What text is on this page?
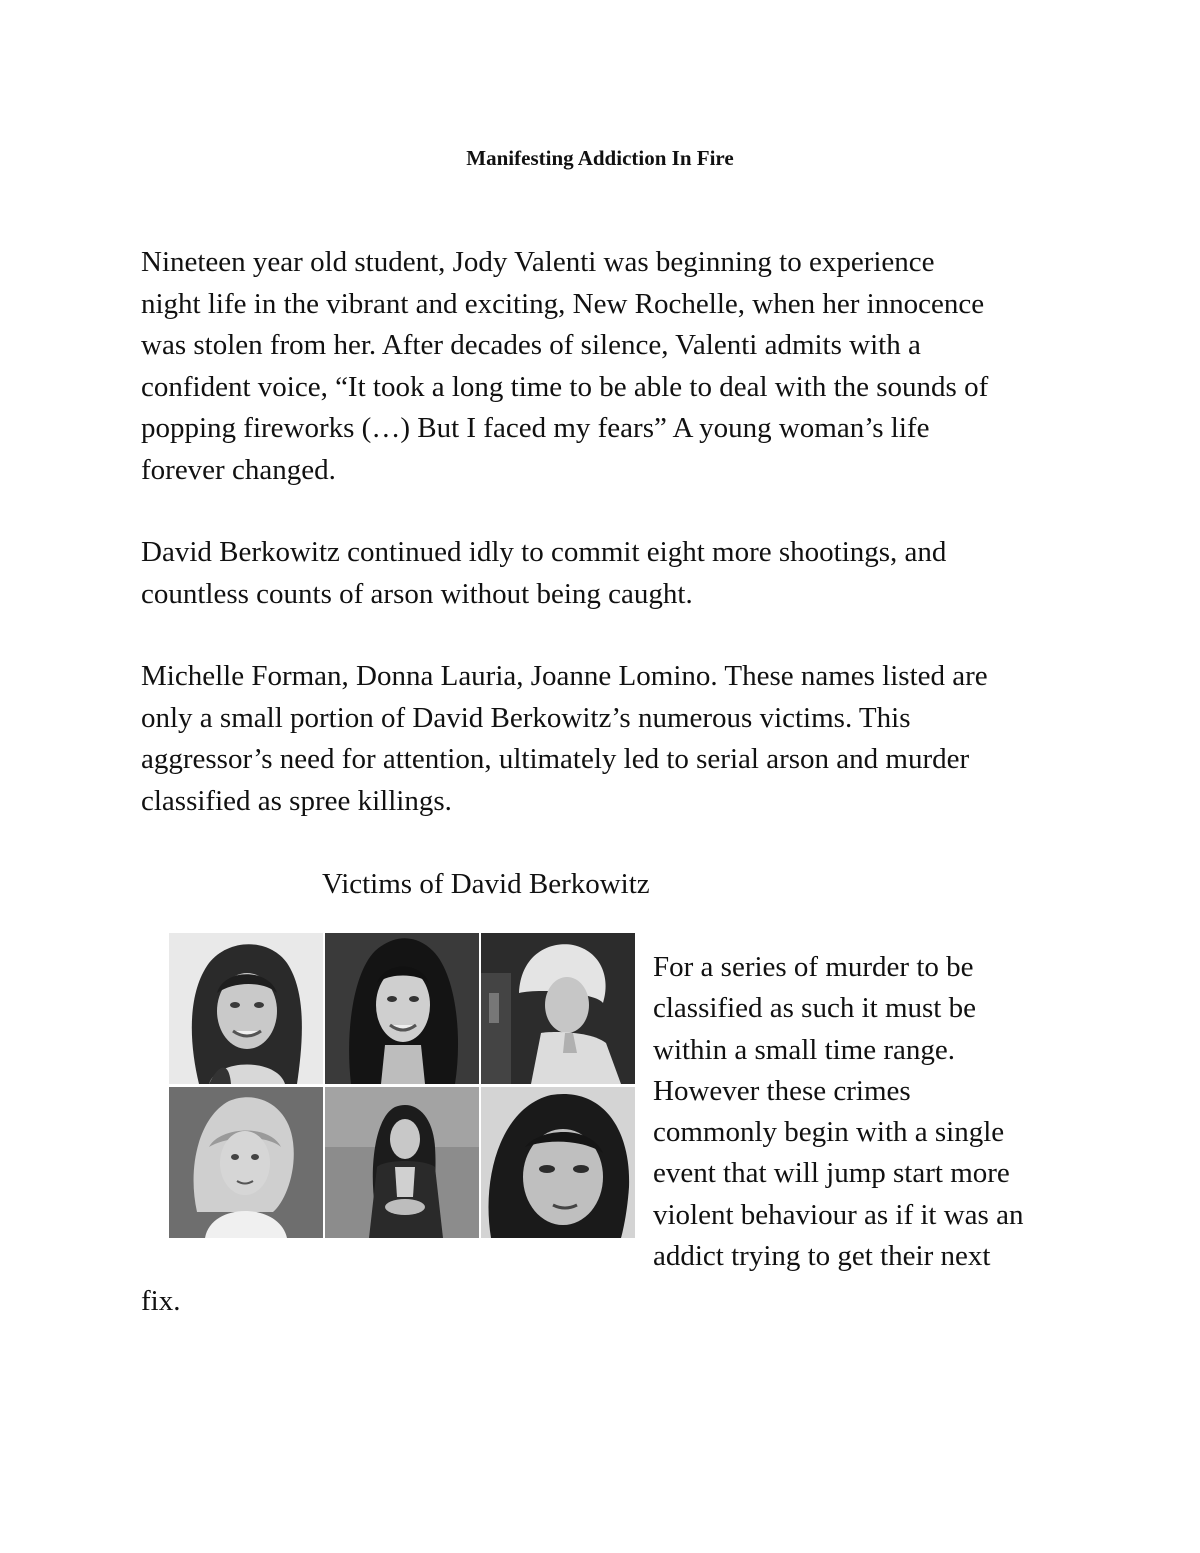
Manifesting Addiction In Fire

Nineteen year old student, Jody Valenti was beginning to experience
night life in the vibrant and exciting, New Rochelle, when her innocence
was stolen from her. After decades of silence, Valenti admits with a
confident voice, “It took a long time to be able to deal with the sounds of
popping fireworks (…) But I faced my fears” A young woman’s life
forever changed.

David Berkowitz continued idly to commit eight more shootings, and
countless counts of arson without being caught.

Michelle Forman, Donna Lauria, Joanne Lomino. These names listed are
only a small portion of David Berkowitz’s numerous victims. This
aggressor’s need for attention, ultimately led to serial arson and murder
classified as spree killings.

Victims of David Berkowitz

For a series of murder to be
classified as such it must be
within a small time range.
However these crimes
commonly begin with a single
event that will jump start more
violent behaviour as if it was an
addict trying to get their next

fix.
